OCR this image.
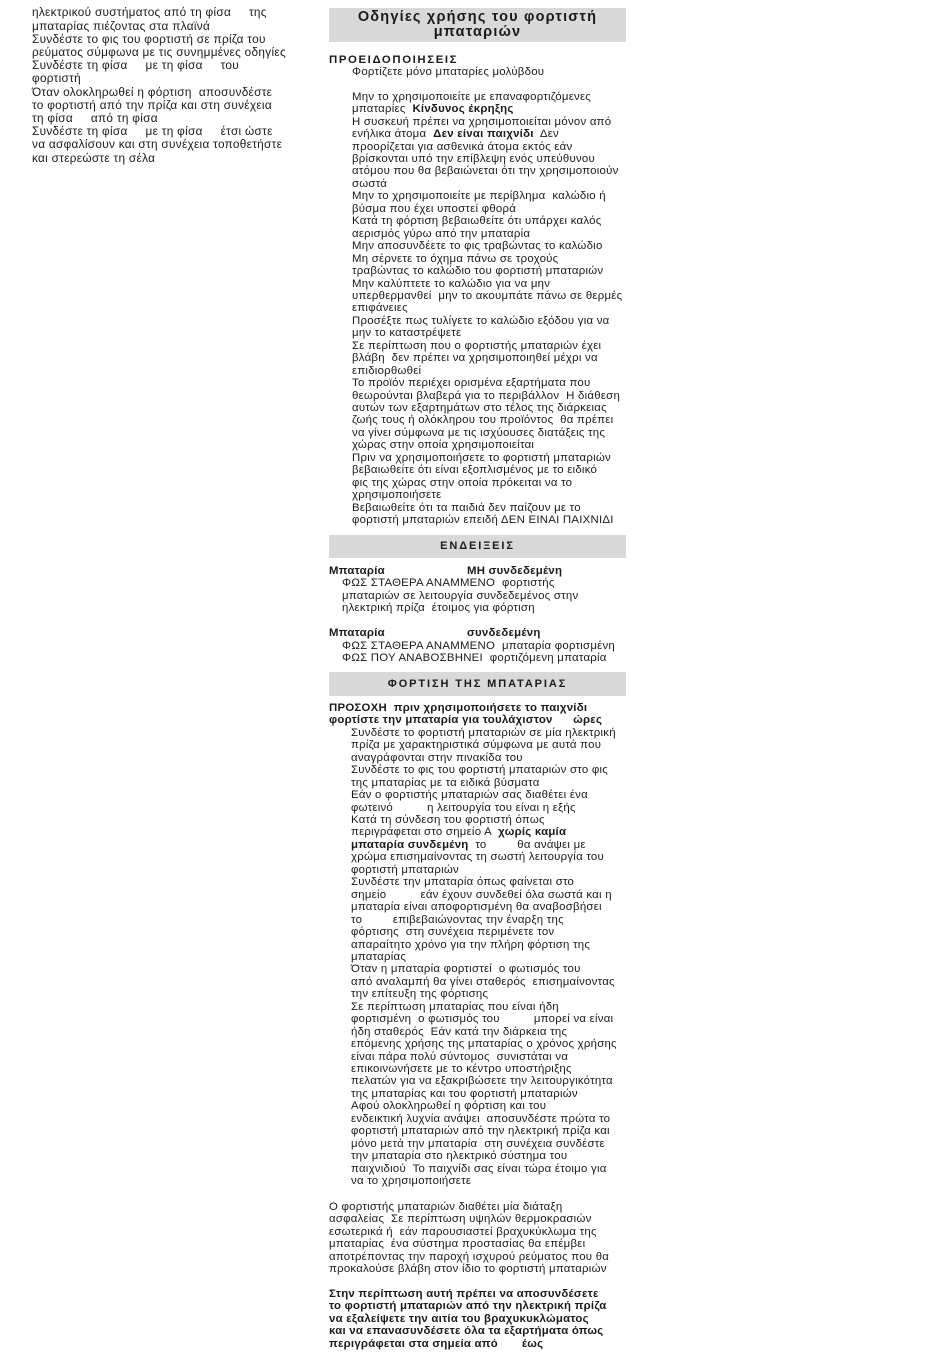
ηλεκτρικού συστήματος από τη φίσα     της
μπαταρίας πιέζοντας στα πλαϊνά
Συνδέστε το φις του φορτιστή σε πρίζα του
ρεύματος σύμφωνα με τις συνημμένες οδηγίες
Συνδέστε τη φίσα     με τη φίσα     του
φορτιστή
Όταν ολοκληρωθεί η φόρτιση  αποσυνδέστε
το φορτιστή από την πρίζα και στη συνέχεια
τη φίσα     από τη φίσα
Συνδέστε τη φίσα     με τη φίσα     έτσι ώστε
να ασφαλίσουν και στη συνέχεια τοποθετήστε
και στερεώστε τη σέλα
Οδηγίες χρήσης του φορτιστή μπαταριών
ΠΡΟΕΙΔΟΠΟΙΗΣΕΙΣ
Φορτίζετε μόνο μπαταρίες μολύβδου
Μην το χρησιμοποιείτε με επαναφορτιζόμενες
μπαταρίες  Κίνδυνος έκρηξης
Η συσκευή πρέπει να χρησιμοποιείται μόνον από
ενήλικα άτομα  Δεν είναι παιχνίδι  Δεν
προορίζεται για ασθενικά άτομα εκτός εάν
βρίσκονται υπό την επίβλεψη ενός υπεύθυνου
ατόμου που θα βεβαιώνεται ότι την χρησιμοποιούν
σωστά
Μην το χρησιμοποιείτε με περίβλημα  καλώδιο ή
βύσμα που έχει υποστεί φθορά
Κατά τη φόρτιση βεβαιωθείτε ότι υπάρχει καλός
αερισμός γύρω από την μπαταρία
Μην αποσυνδέετε το φις τραβώντας το καλώδιο
Μη σέρνετε το όχημα πάνω σε τροχούς
τραβώντας το καλώδιο του φορτιστή μπαταριών
Μην καλύπτετε το καλώδιο για να μην
υπερθερμανθεί  μην το ακουμπάτε πάνω σε θερμές
επιφάνειες
Προσέξτε πως τυλίγετε το καλώδιο εξόδου για να
μην το καταστρέψετε
Σε περίπτωση που ο φορτιστής μπαταριών έχει
βλάβη  δεν πρέπει να χρησιμοποιηθεί μέχρι να
επιδιορθωθεί
Το προϊόν περιέχει ορισμένα εξαρτήματα που
θεωρούνται βλαβερά για το περιβάλλον  Η διάθεση
αυτών των εξαρτημάτων στο τέλος της διάρκειας
ζωής τους ή ολόκληρου του προϊόντος  θα πρέπει
να γίνει σύμφωνα με τις ισχύουσες διατάξεις της
χώρας στην οποία χρησιμοποιείται
Πριν να χρησιμοποιήσετε το φορτιστή μπαταριών
βεβαιωθείτε ότι είναι εξοπλισμένος με το ειδικό
φις της χώρας στην οποία πρόκειται να το
χρησιμοποιήσετε
Βεβαιωθείτε ότι τα παιδιά δεν παίζουν με το
φορτιστή μπαταριών επειδή ΔΕΝ ΕΙΝΑΙ ΠΑΙΧΝΙΔΙ
ΕΝΔΕΙΞΕΙΣ
Μπαταρία	ΜΗ συνδεδεμένη
ΦΩΣ ΣΤΑΘΕΡΑ ΑΝΑΜΜΕΝΟ  φορτιστής
μπαταριών σε λειτουργία συνδεδεμένος στην
ηλεκτρική πρίζα  έτοιμος για φόρτιση
Μπαταρία	συνδεδεμένη
ΦΩΣ ΣΤΑΘΕΡΑ ΑΝΑΜΜΕΝΟ  μπαταρία φορτισμένη
ΦΩΣ ΠΟΥ ΑΝΑΒΟΣΒΗΝΕΙ  φορτιζόμενη μπαταρία
ΦΟΡΤΙΣΗ ΤΗΣ ΜΠΑΤΑΡΙΑΣ
ΠΡΟΣΟΧΗ  πριν χρησιμοποιήσετε το παιχνίδι
φορτίστε την μπαταρία για τουλάχιστον      ώρες
Συνδέστε το φορτιστή μπαταριών σε μία ηλεκτρική
πρίζα με χαρακτηριστικά σύμφωνα με αυτά που
αναγράφονται στην πινακίδα του
Συνδέστε το φις του φορτιστή μπαταριών στο φις
της μπαταρίας με τα ειδικά βύσματα
Εάν ο φορτιστής μπαταριών σας διαθέτει ένα
φωτεινό          η λειτουργία του είναι η εξής
Κατά τη σύνδεση του φορτιστή όπως
περιγράφεται στο σημείο Α  χωρίς καμία
μπαταρία συνδεμένη  το         θα ανάψει με
χρώμα επισημαίνοντας τη σωστή λειτουργία του
φορτιστή μπαταριών
Συνδέστε την μπαταρία όπως φαίνεται στο
σημείο          εάν έχουν συνδεθεί όλα σωστά και η
μπαταρία είναι αποφορτισμένη θα αναβοσβήσει
το         επιβεβαιώνοντας την έναρξη της
φόρτισης  στη συνέχεια περιμένετε τον
απαραίτητο χρόνο για την πλήρη φόρτιση της
μπαταρίας
Όταν η μπαταρία φορτιστεί  ο φωτισμός του
από αναλαμπή θα γίνει σταθερός  επισημαίνοντας
την επίτευξη της φόρτισης
Σε περίπτωση μπαταρίας που είναι ήδη
φορτισμένη  ο φωτισμός του          μπορεί να είναι
ήδη σταθερός  Εάν κατά την διάρκεια της
επόμενης χρήσης της μπαταρίας ο χρόνος χρήσης
είναι πάρα πολύ σύντομος  συνιστάται να
επικοινωνήσετε με το κέντρο υποστήριξης
πελατών για να εξακριβώσετε την λειτουργικότητα
της μπαταρίας και του φορτιστή μπαταριών
Αφού ολοκληρωθεί η φόρτιση και του
ενδεικτική λυχνία ανάψει  αποσυνδέστε πρώτα το
φορτιστή μπαταριών από την ηλεκτρική πρίζα και
μόνο μετά την μπαταρία  στη συνέχεια συνδέστε
την μπαταρία στο ηλεκτρικό σύστημα του
παιχνιδιού  Το παιχνίδι σας είναι τώρα έτοιμο για
να το χρησιμοποιήσετε
Ο φορτιστής μπαταριών διαθέτει μία διάταξη
ασφαλείας  Σε περίπτωση υψηλών θερμοκρασιών
εσωτερικά ή  εάν παρουσιαστεί βραχυκύκλωμα της
μπαταρίας  ένα σύστημα προστασίας θα επέμβει
αποτρέποντας την παροχή ισχυρού ρεύματος που θα
προκαλούσε βλάβη στον ίδιο το φορτιστή μπαταριών
Στην περίπτωση αυτή πρέπει να αποσυνδέσετε
το φορτιστή μπαταριών από την ηλεκτρική πρίζα
να εξαλείψετε την αιτία του βραχυκυκλώματος
και να επανασυνδέσετε όλα τα εξαρτήματα όπως
περιγράφεται στα σημεία από       έως
